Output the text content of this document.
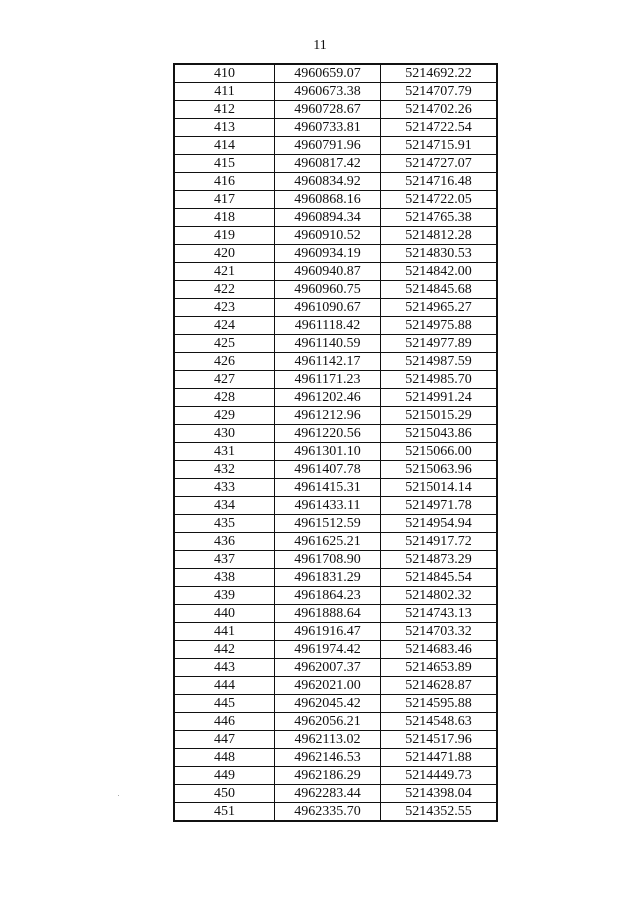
11
410	4960659.07	5214692.22
411	4960673.38	5214707.79
412	4960728.67	5214702.26
413	4960733.81	5214722.54
414	4960791.96	5214715.91
415	4960817.42	5214727.07
416	4960834.92	5214716.48
417	4960868.16	5214722.05
418	4960894.34	5214765.38
419	4960910.52	5214812.28
420	4960934.19	5214830.53
421	4960940.87	5214842.00
422	4960960.75	5214845.68
423	4961090.67	5214965.27
424	4961118.42	5214975.88
425	4961140.59	5214977.89
426	4961142.17	5214987.59
427	4961171.23	5214985.70
428	4961202.46	5214991.24
429	4961212.96	5215015.29
430	4961220.56	5215043.86
431	4961301.10	5215066.00
432	4961407.78	5215063.96
433	4961415.31	5215014.14
434	4961433.11	5214971.78
435	4961512.59	5214954.94
436	4961625.21	5214917.72
437	4961708.90	5214873.29
438	4961831.29	5214845.54
439	4961864.23	5214802.32
440	4961888.64	5214743.13
441	4961916.47	5214703.32
442	4961974.42	5214683.46
443	4962007.37	5214653.89
444	4962021.00	5214628.87
445	4962045.42	5214595.88
446	4962056.21	5214548.63
447	4962113.02	5214517.96
448	4962146.53	5214471.88
449	4962186.29	5214449.73
450	4962283.44	5214398.04
451	4962335.70	5214352.55
